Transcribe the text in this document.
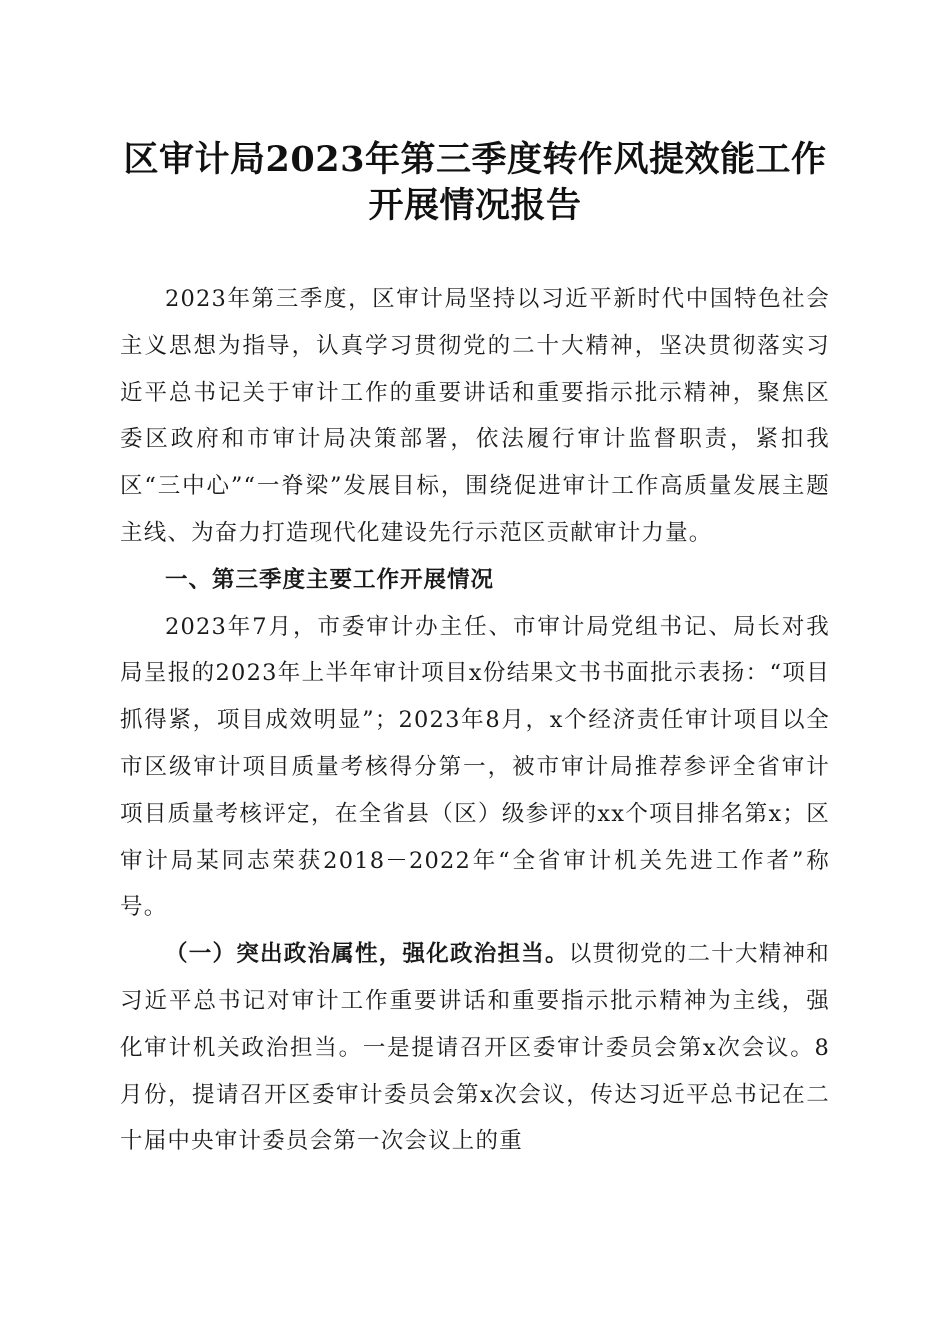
区审计局2023年第三季度转作风提效能工作
开展情况报告

2023年第三季度，区审计局坚持以习近平新时代中国特色社会主义思想为指导，认真学习贯彻党的二十大精神，坚决贯彻落实习近平总书记关于审计工作的重要讲话和重要指示批示精神，聚焦区委区政府和市审计局决策部署，依法履行审计监督职责，紧扣我区“三中心”“一脊梁”发展目标，围绕促进审计工作高质量发展主题主线、为奋力打造现代化建设先行示范区贡献审计力量。

一、第三季度主要工作开展情况

2023年7月，市委审计办主任、市审计局党组书记、局长对我局呈报的2023年上半年审计项目x份结果文书书面批示表扬：“项目抓得紧，项目成效明显”；2023年8月，x个经济责任审计项目以全市区级审计项目质量考核得分第一，被市审计局推荐参评全省审计项目质量考核评定，在全省县（区）级参评的xx个项目排名第x；区审计局某同志荣获2018－2022年“全省审计机关先进工作者”称号。

（一）突出政治属性，强化政治担当。以贯彻党的二十大精神和习近平总书记对审计工作重要讲话和重要指示批示精神为主线，强化审计机关政治担当。一是提请召开区委审计委员会第x次会议。8月份，提请召开区委审计委员会第x次会议，传达习近平总书记在二十届中央审计委员会第一次会议上的重
